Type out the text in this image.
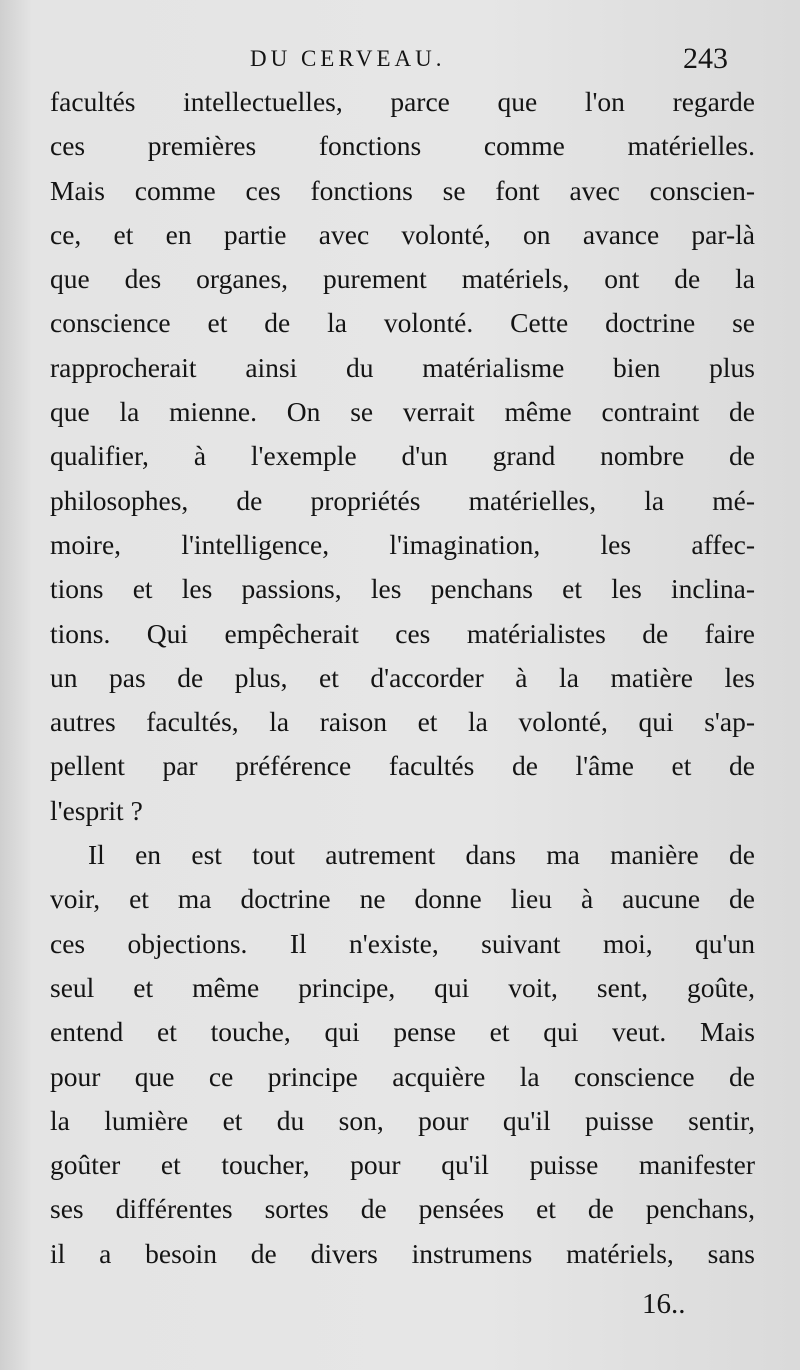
DU CERVEAU.	243
facultés intellectuelles, parce que l'on regarde
ces premières fonctions comme matérielles.
Mais comme ces fonctions se font avec conscien-
ce, et en partie avec volonté, on avance par-là
que des organes, purement matériels, ont de la
conscience et de la volonté. Cette doctrine se
rapprocherait ainsi du matérialisme bien plus
que la mienne. On se verrait même contraint de
qualifier, à l'exemple d'un grand nombre de
philosophes, de propriétés matérielles, la mé-
moire, l'intelligence, l'imagination, les affec-
tions et les passions, les penchans et les inclina-
tions. Qui empêcherait ces matérialistes de faire
un pas de plus, et d'accorder à la matière les
autres facultés, la raison et la volonté, qui s'ap-
pellent par préférence facultés de l'âme et de
l'esprit ?
Il en est tout autrement dans ma manière de
voir, et ma doctrine ne donne lieu à aucune de
ces objections. Il n'existe, suivant moi, qu'un
seul et même principe, qui voit, sent, goûte,
entend et touche, qui pense et qui veut. Mais
pour que ce principe acquière la conscience de
la lumière et du son, pour qu'il puisse sentir,
goûter et toucher, pour qu'il puisse manifester
ses différentes sortes de pensées et de penchans,
il a besoin de divers instrumens matériels, sans
16..
